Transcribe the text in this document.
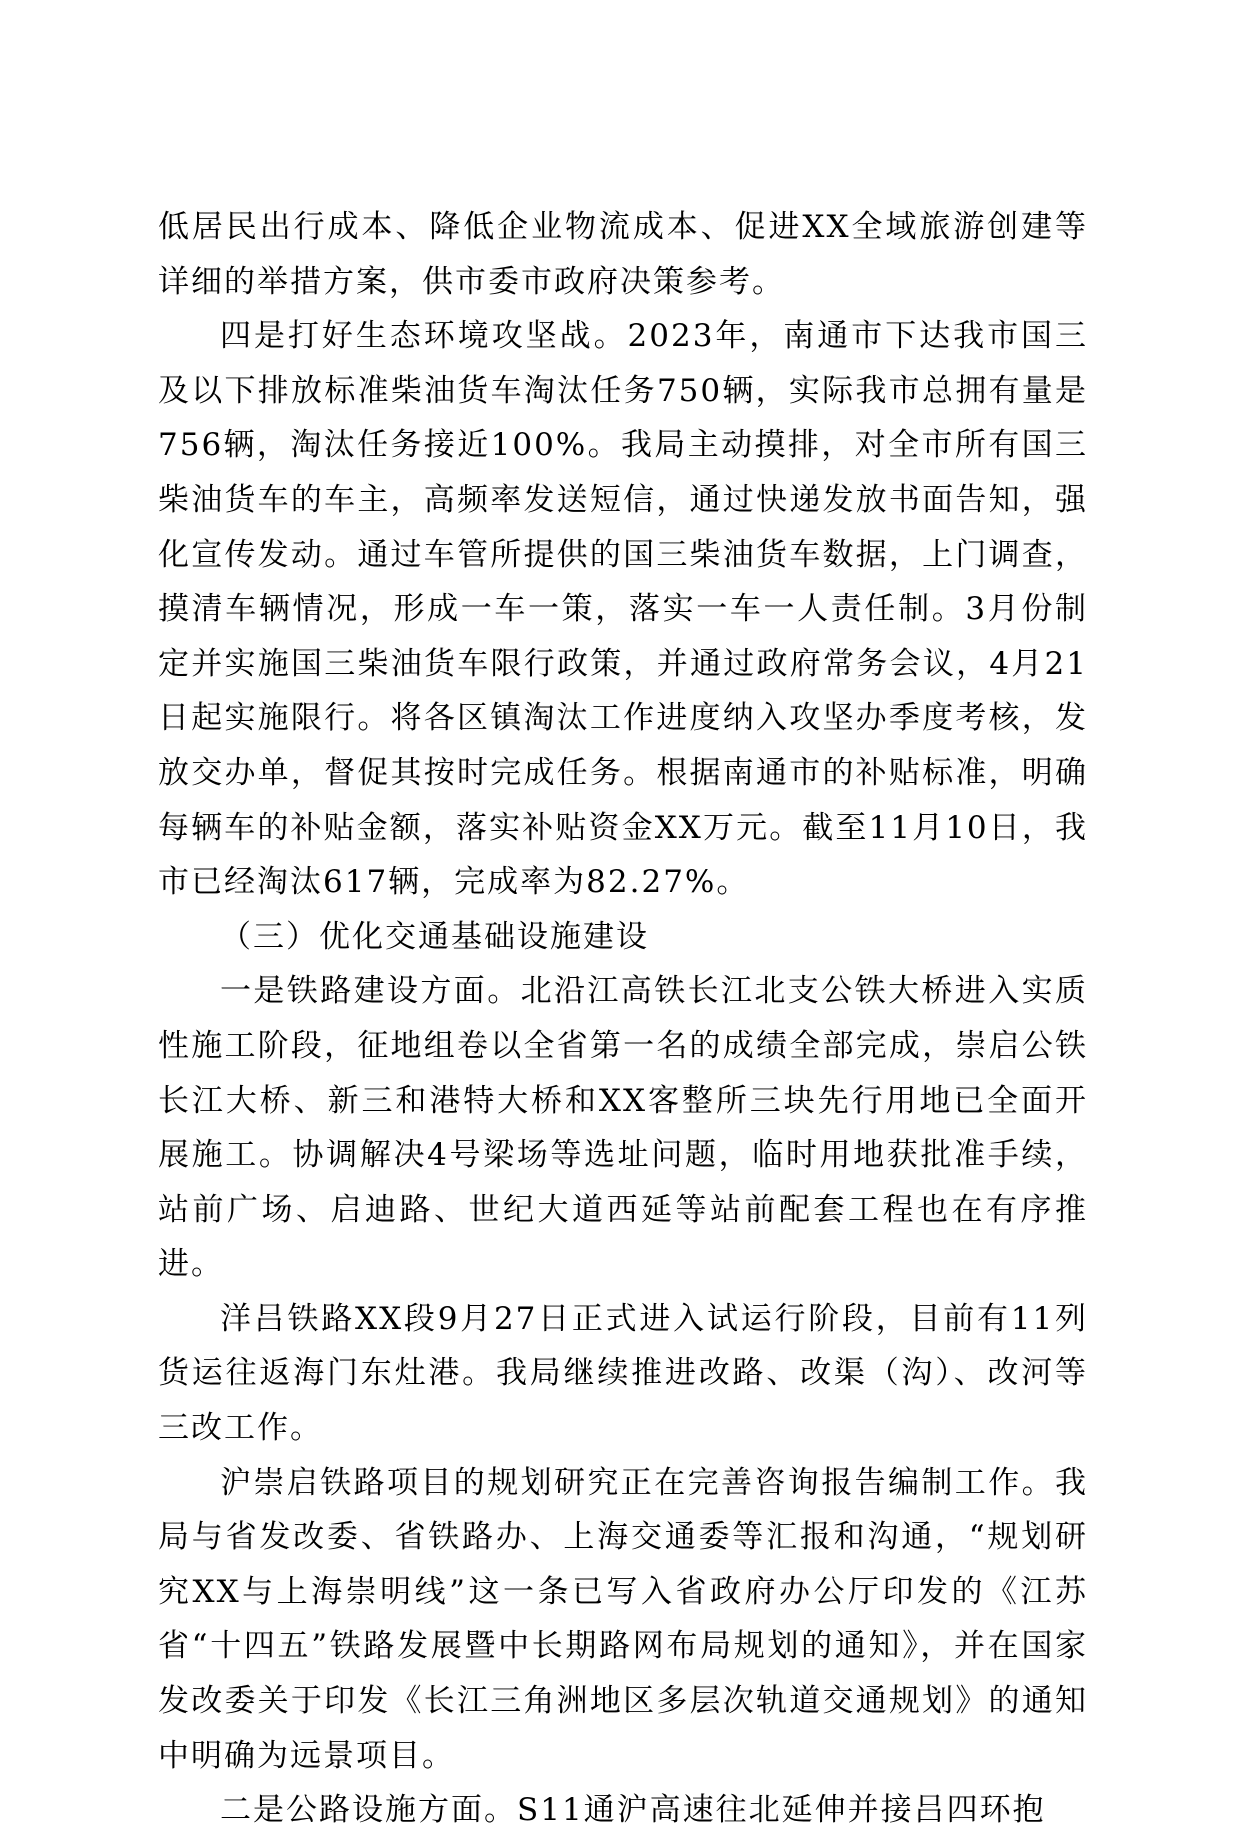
低居民出行成本、降低企业物流成本、促进XX全域旅游创建等详细的举措方案，供市委市政府决策参考。

四是打好生态环境攻坚战。2023年，南通市下达我市国三及以下排放标准柴油货车淘汰任务750辆，实际我市总拥有量是756辆，淘汰任务接近100%。我局主动摸排，对全市所有国三柴油货车的车主，高频率发送短信，通过快递发放书面告知，强化宣传发动。通过车管所提供的国三柴油货车数据，上门调查，摸清车辆情况，形成一车一策，落实一车一人责任制。3月份制定并实施国三柴油货车限行政策，并通过政府常务会议，4月21日起实施限行。将各区镇淘汰工作进度纳入攻坚办季度考核，发放交办单，督促其按时完成任务。根据南通市的补贴标准，明确每辆车的补贴金额，落实补贴资金XX万元。截至11月10日，我市已经淘汰617辆，完成率为82.27%。

（三）优化交通基础设施建设

一是铁路建设方面。北沿江高铁长江北支公铁大桥进入实质性施工阶段，征地组卷以全省第一名的成绩全部完成，崇启公铁长江大桥、新三和港特大桥和XX客整所三块先行用地已全面开展施工。协调解决4号梁场等选址问题，临时用地获批准手续，站前广场、启迪路、世纪大道西延等站前配套工程也在有序推进。

洋吕铁路XX段9月27日正式进入试运行阶段，目前有11列货运往返海门东灶港。我局继续推进改路、改渠（沟）、改河等三改工作。

沪崇启铁路项目的规划研究正在完善咨询报告编制工作。我局与省发改委、省铁路办、上海交通委等汇报和沟通，“规划研究XX与上海崇明线”这一条已写入省政府办公厅印发的《江苏省“十四五”铁路发展暨中长期路网布局规划的通知》，并在国家发改委关于印发《长江三角洲地区多层次轨道交通规划》的通知中明确为远景项目。

二是公路设施方面。S11通沪高速往北延伸并接吕四环抱
